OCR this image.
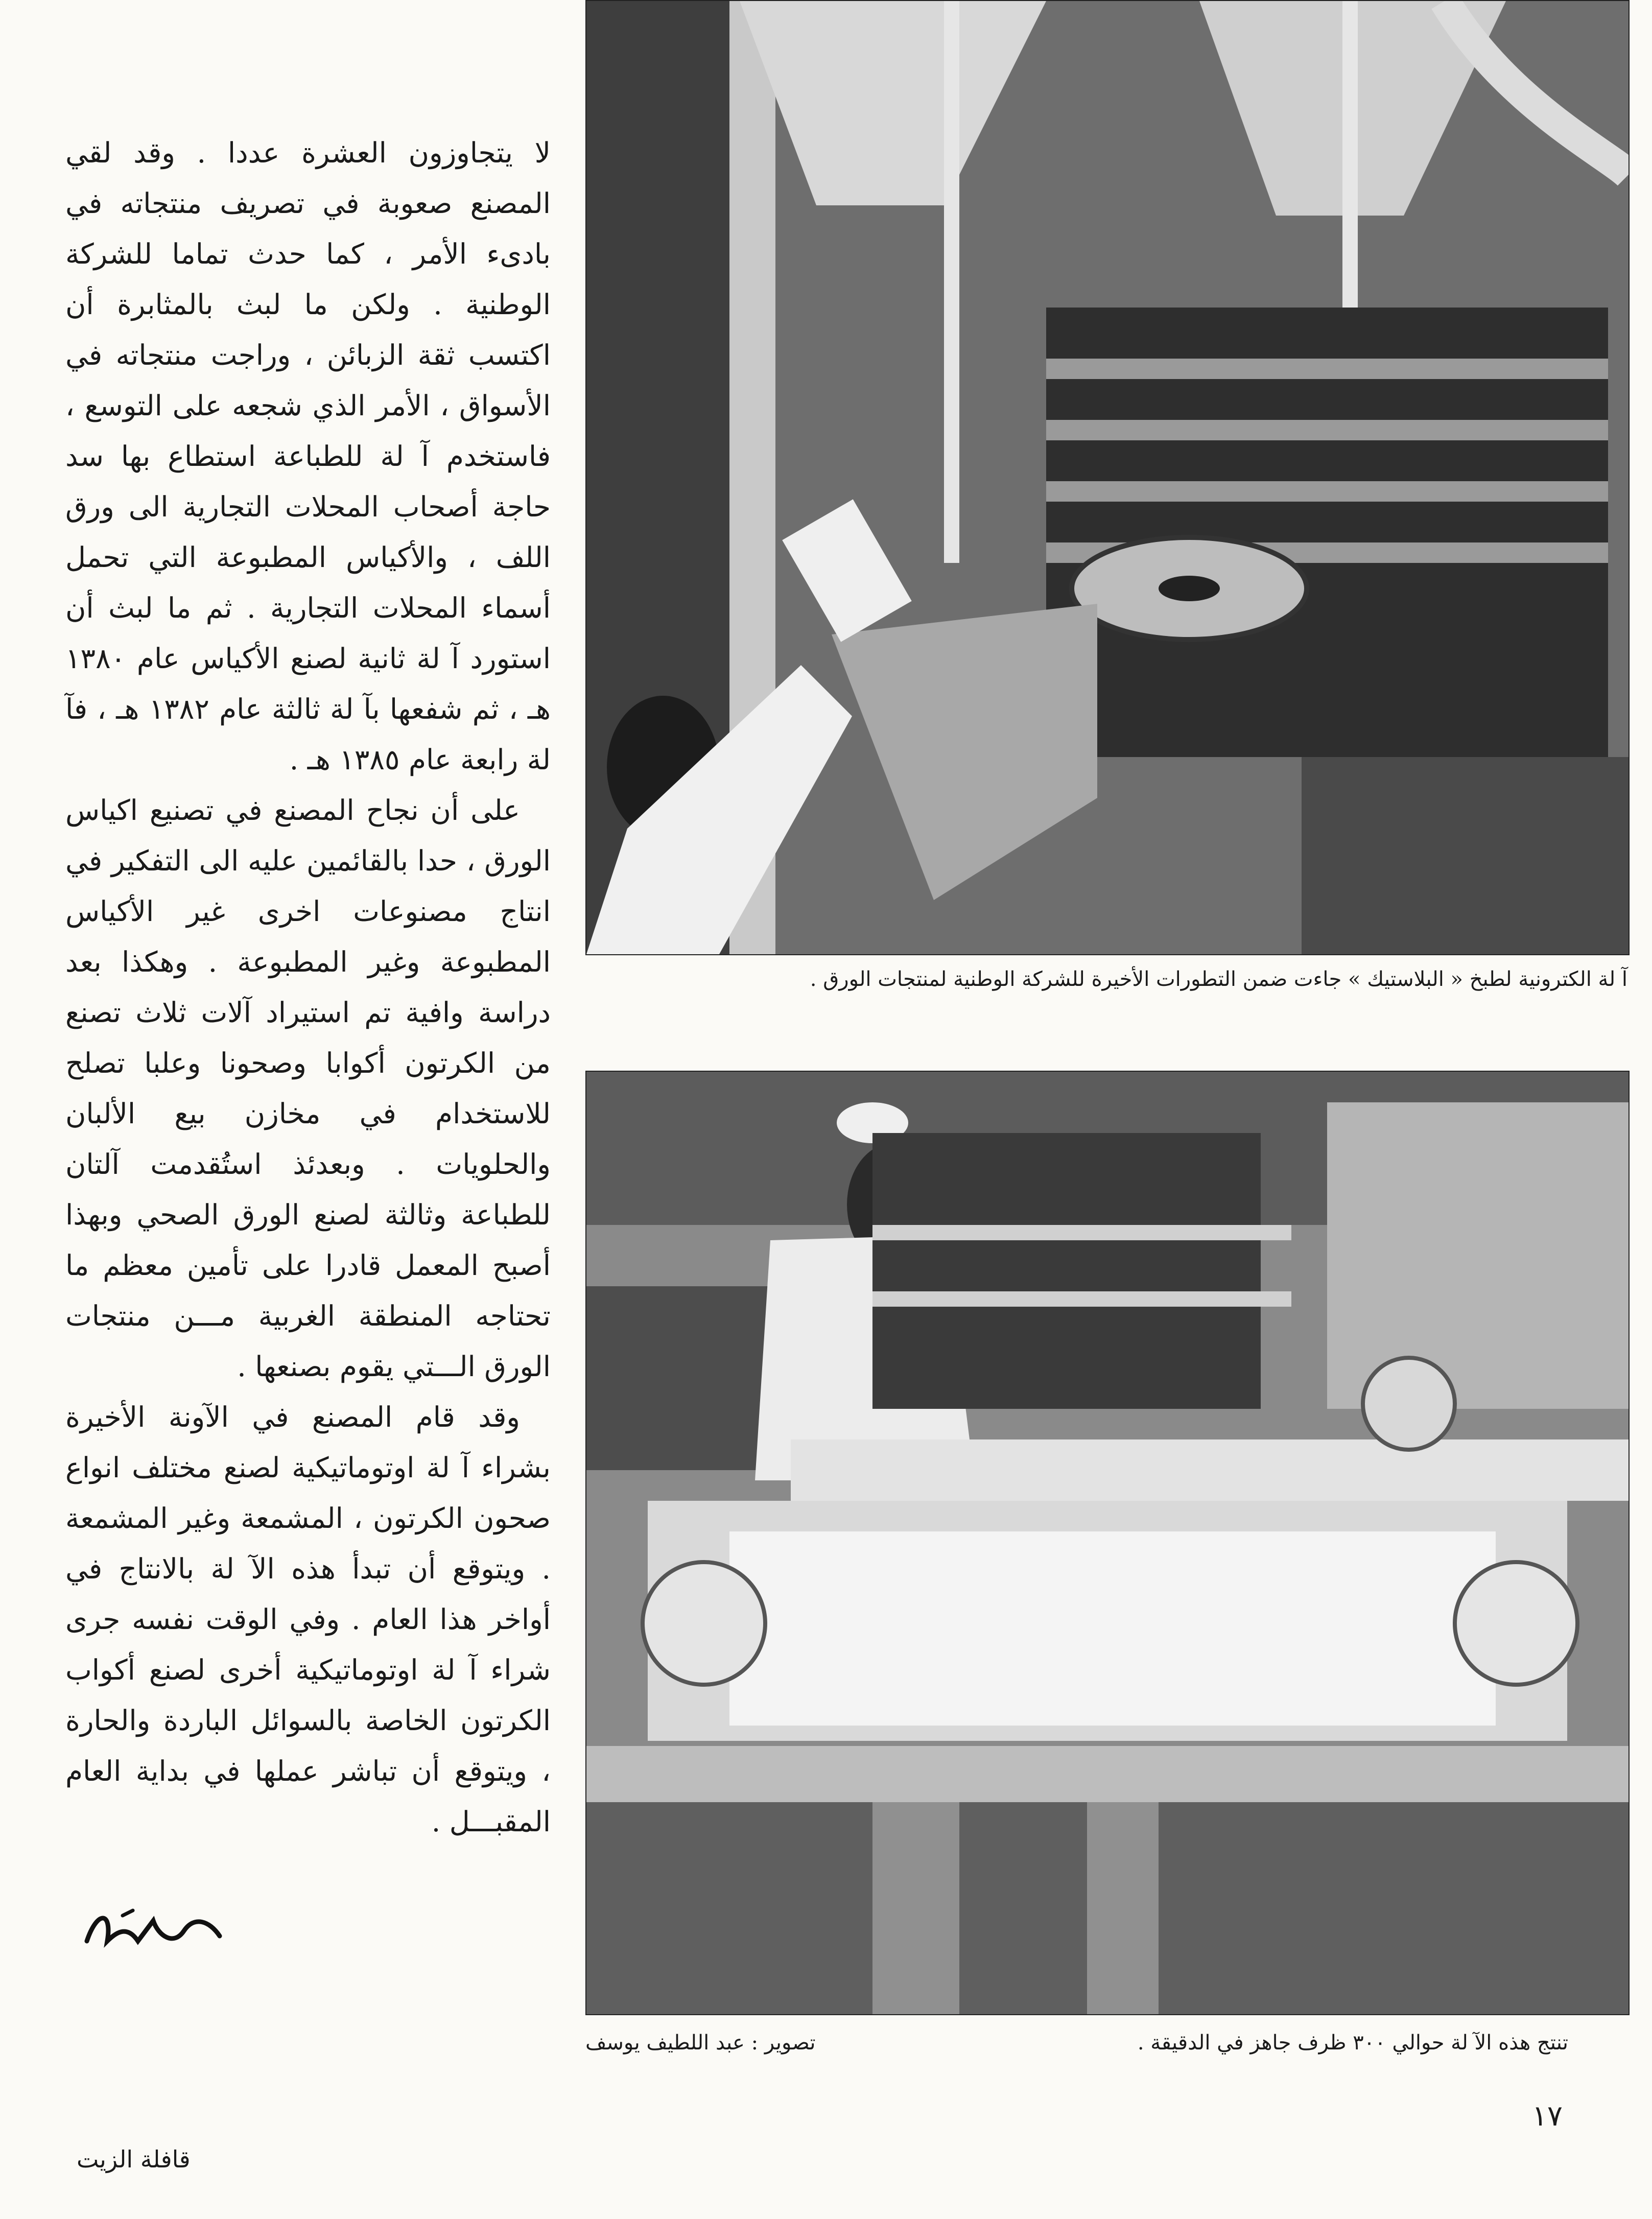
آ لة الكترونية لطبخ « البلاستيك » جاءت ضمن التطورات الأخيرة للشركة الوطنية لمنتجات الورق .
تنتج هذه الآ لة حوالي ٣٠٠ ظرف جاهز في الدقيقة .
تصوير : عبد اللطيف يوسف

لا يتجاوزون العشرة عددا . وقد لقي المصنع صعوبة في تصريف منتجاته في بادىء الأمر ، كما حدث تماما للشركة الوطنية . ولكن ما لبث بالمثابرة أن اكتسب ثقة الزبائن ، وراجت منتجاته في الأسواق ، الأمر الذي شجعه على التوسع ، فاستخدم آ لة للطباعة استطاع بها سد حاجة أصحاب المحلات التجارية الى ورق اللف ، والأكياس المطبوعة التي تحمل أسماء المحلات التجارية . ثم ما لبث أن استورد آ لة ثانية لصنع الأكياس عام ١٣٨٠ هـ ، ثم شفعها بآ لة ثالثة عام ١٣٨٢ هـ ، فآ لة رابعة عام ١٣٨٥ هـ .

على أن نجاح المصنع في تصنيع اكياس الورق ، حدا بالقائمين عليه الى التفكير في انتاج مصنوعات اخرى غير الأكياس المطبوعة وغير المطبوعة . وهكذا بعد دراسة وافية تم استيراد آلات ثلاث تصنع من الكرتون أكوابا وصحونا وعلبا تصلح للاستخدام في مخازن بيع الألبان والحلويات . وبعدئذ استُقدمت آلتان للطباعة وثالثة لصنع الورق الصحي وبهذا أصبح المعمل قادرا على تأمين معظم ما تحتاجه المنطقة الغربية مـــن منتجات الورق الـــتي يقوم بصنعها .

وقد قام المصنع في الآونة الأخيرة بشراء آ لة اوتوماتيكية لصنع مختلف انواع صحون الكرتون ، المشمعة وغير المشمعة . ويتوقع أن تبدأ هذه الآ لة بالانتاج في أواخر هذا العام . وفي الوقت نفسه جرى شراء آ لة اوتوماتيكية أخرى لصنع أكواب الكرتون الخاصة بالسوائل الباردة والحارة ، ويتوقع أن تباشر عملها في بداية العام المقبـــل .

١٧
قافلة الزيت
